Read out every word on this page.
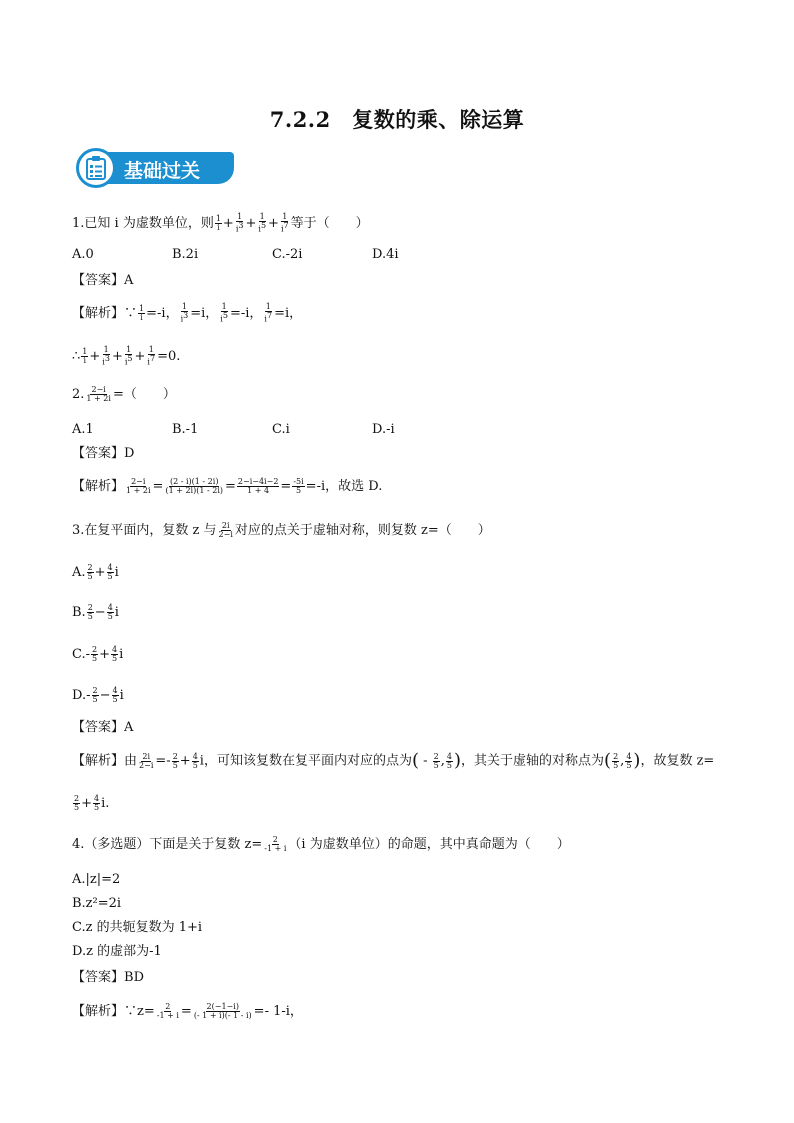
7.2.2　复数的乘、除运算
基础过关
1.已知 i 为虚数单位，则 $\frac{1}{i} + \frac{1}{i^3} + \frac{1}{i^5} + \frac{1}{i^7}$ 等于（　　）
A.0	B.2i	C.-2i	D.4i
【答案】A
【解析】∵ $\frac{1}{i} =-i$， $\frac{1}{i^3} =i$， $\frac{1}{i^5} =-i$， $\frac{1}{i^7} =i$，
∴ $\frac{1}{i} + \frac{1}{i^3} + \frac{1}{i^5} + \frac{1}{i^7} =0$.
2. $\frac{2-i}{1 + 2i}$ =（　　）
A.1	B.-1	C.i	D.-i
【答案】D
【解析】 $\frac{2-i}{1 + 2i} = \frac{(2 - i)(1 - 2i)}{(1 + 2i)(1 - 2i)} = \frac{2-i-4i-2}{1 + 4} = \frac{-5i}{5} =-i$，故选 D.
3.在复平面内，复数 z 与 $\frac{2i}{2-i}$ 对应的点关于虚轴对称，则复数 z=（　　）
A. $\frac{2}{5} + \frac{4}{5}$ i
B. $\frac{2}{5} - \frac{4}{5}$ i
$C.- \frac{2}{5} + \frac{4}{5}$ i
$D.- \frac{2}{5} - \frac{4}{5}$ i
【答案】A
【解析】由 $\frac{2i}{2-i} =- \frac{2}{5} + \frac{4}{5}$ i，可知该复数在复平面内对应的点为( - $\frac{2}{5}$ , $\frac{4}{5}$ )，其关于虚轴的对称点为( $\frac{2}{5}$ , $\frac{4}{5}$ )，故复数 z=
$\frac{2}{5} + \frac{4}{5} i$.
4.（多选题）下面是关于复数 $z= \frac{2}{-1 + i} (i$ 为虚数单位）的命题，其中真命题为（　　）
A.|z|=2
B.z²=2i
C.z 的共轭复数为 1+i
D.z 的虚部为-1
【答案】BD
【解析】∵z= $\frac{2}{-1 + i} = \frac{2(-1-i)}{(- 1 + i)(- 1 - i)} =- 1-i$，
